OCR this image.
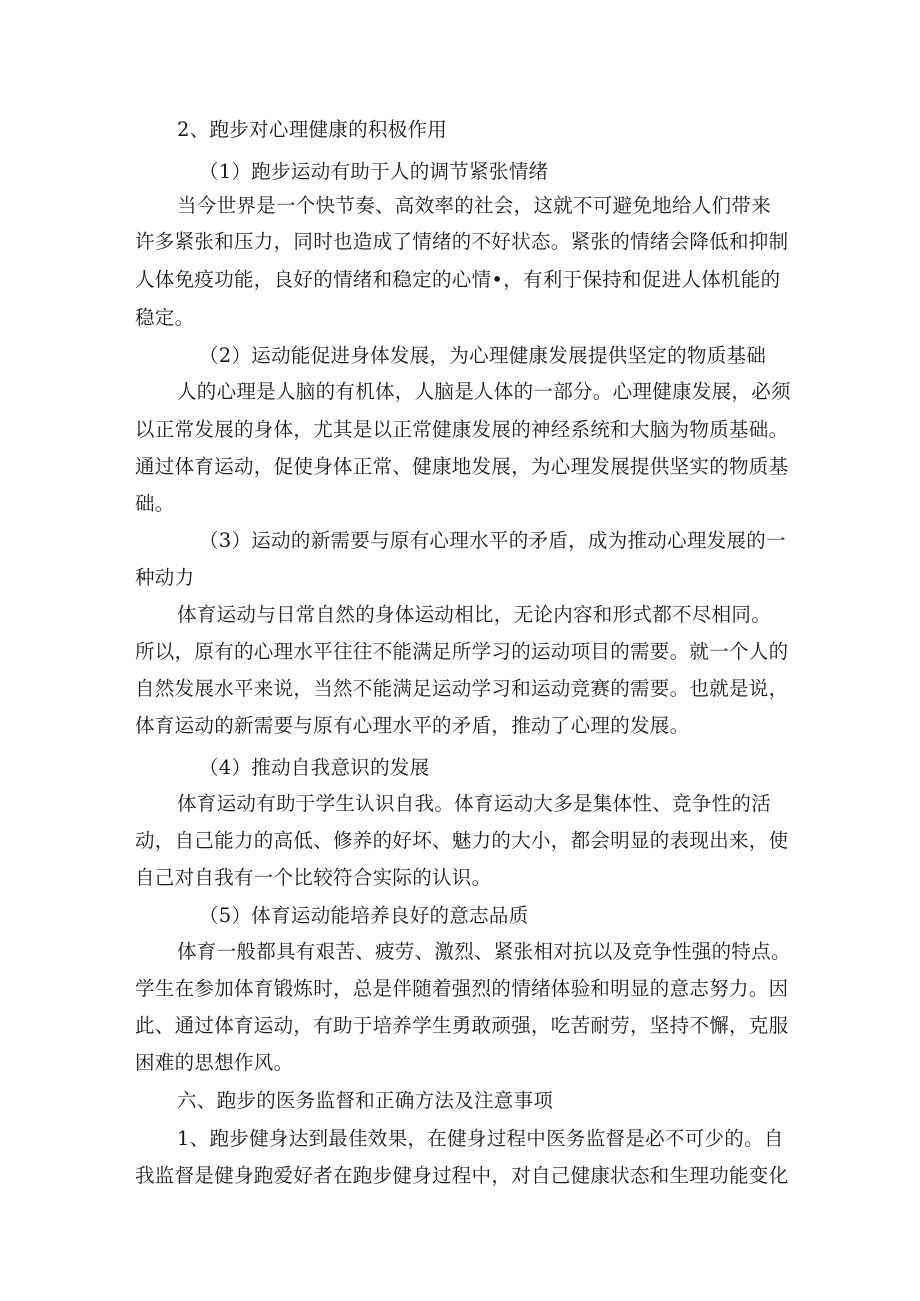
2、跑步对心理健康的积极作用
（1）跑步运动有助于人的调节紧张情绪
当今世界是一个快节奏、高效率的社会，这就不可避免地给人们带来
许多紧张和压力，同时也造成了情绪的不好状态。紧张的情绪会降低和抑制
人体免疫功能，良好的情绪和稳定的心情•，有利于保持和促进人体机能的
稳定。
（2）运动能促进身体发展，为心理健康发展提供坚定的物质基础
人的心理是人脑的有机体，人脑是人体的一部分。心理健康发展，必须
以正常发展的身体，尤其是以正常健康发展的神经系统和大脑为物质基础。
通过体育运动，促使身体正常、健康地发展，为心理发展提供坚实的物质基
础。
（3）运动的新需要与原有心理水平的矛盾，成为推动心理发展的一
种动力
体育运动与日常自然的身体运动相比，无论内容和形式都不尽相同。
所以，原有的心理水平往往不能满足所学习的运动项目的需要。就一个人的
自然发展水平来说，当然不能满足运动学习和运动竞赛的需要。也就是说，
体育运动的新需要与原有心理水平的矛盾，推动了心理的发展。
（4）推动自我意识的发展
体育运动有助于学生认识自我。体育运动大多是集体性、竞争性的活
动，自己能力的高低、修养的好坏、魅力的大小，都会明显的表现出来，使
自己对自我有一个比较符合实际的认识。
（5）体育运动能培养良好的意志品质
体育一般都具有艰苦、疲劳、激烈、紧张相对抗以及竞争性强的特点。
学生在参加体育锻炼时，总是伴随着强烈的情绪体验和明显的意志努力。因
此、通过体育运动，有助于培养学生勇敢顽强，吃苦耐劳，坚持不懈，克服
困难的思想作风。
六、跑步的医务监督和正确方法及注意事项
1、跑步健身达到最佳效果，在健身过程中医务监督是必不可少的。自
我监督是健身跑爱好者在跑步健身过程中，对自己健康状态和生理功能变化
